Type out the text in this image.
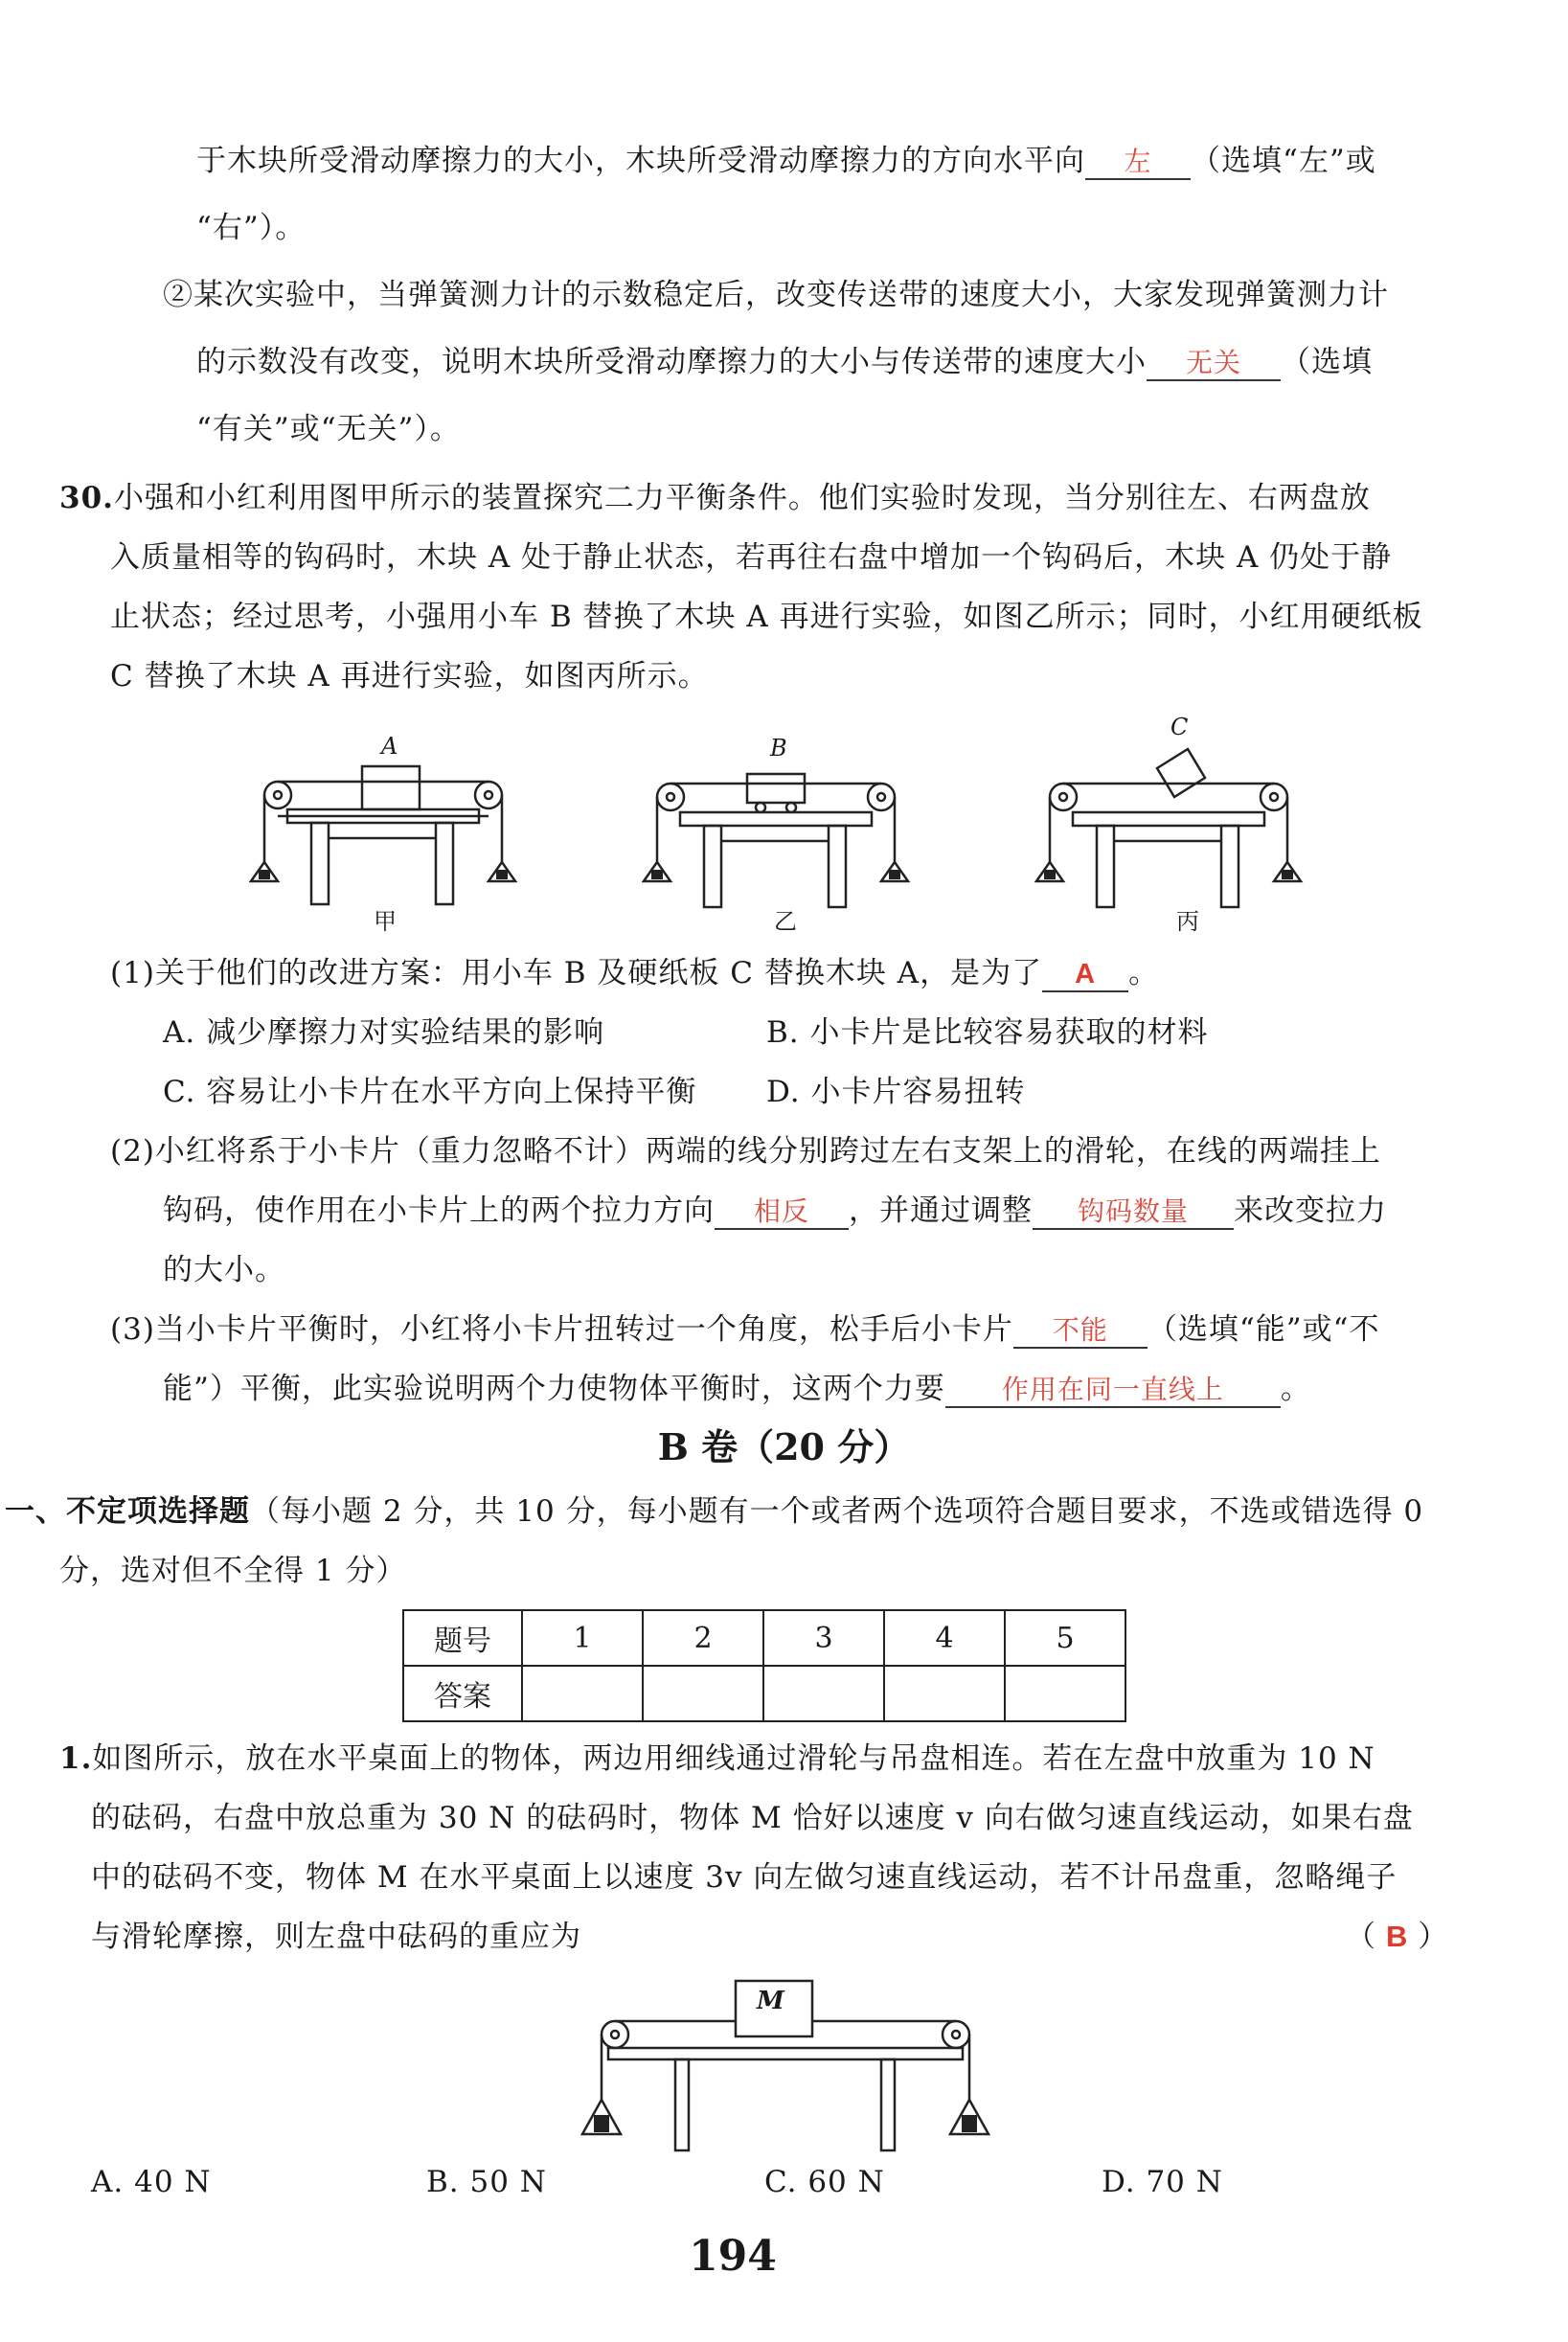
于木块所受滑动摩擦力的大小，木块所受滑动摩擦力的方向水平向 左 （选填“左”或
“右”）。
②某次实验中，当弹簧测力计的示数稳定后，改变传送带的速度大小，大家发现弹簧测力计
的示数没有改变，说明木块所受滑动摩擦力的大小与传送带的速度大小 无关 （选填
“有关”或“无关”）。
30.小强和小红利用图甲所示的装置探究二力平衡条件。他们实验时发现，当分别往左、右两盘放
入质量相等的钩码时，木块 A 处于静止状态，若再往右盘中增加一个钩码后，木块 A 仍处于静
止状态；经过思考，小强用小车 B 替换了木块 A 再进行实验，如图乙所示；同时，小红用硬纸板
C 替换了木块 A 再进行实验，如图丙所示。
A
甲
B
乙
C
丙
(1)关于他们的改进方案：用小车 B 及硬纸板 C 替换木块 A，是为了 A 。
A. 减少摩擦力对实验结果的影响	B. 小卡片是比较容易获取的材料
C. 容易让小卡片在水平方向上保持平衡 D. 小卡片容易扭转
(2)小红将系于小卡片（重力忽略不计）两端的线分别跨过左右支架上的滑轮，在线的两端挂上
钩码，使作用在小卡片上的两个拉力方向 相反 ，并通过调整 钩码数量 来改变拉力
的大小。
(3)当小卡片平衡时，小红将小卡片扭转过一个角度，松手后小卡片 不能 （选填“能”或“不
能”）平衡，此实验说明两个力使物体平衡时，这两个力要 作用在同一直线上 。
B 卷（20 分）
一、不定项选择题（每小题 2 分，共 10 分，每小题有一个或者两个选项符合题目要求，不选或错选得 0
分，选对但不全得 1 分）
题号	1	2	3	4	5
答案					
1.如图所示，放在水平桌面上的物体，两边用细线通过滑轮与吊盘相连。若在左盘中放重为 10 N
的砝码，右盘中放总重为 30 N 的砝码时，物体 M 恰好以速度 v 向右做匀速直线运动，如果右盘
中的砝码不变，物体 M 在水平桌面上以速度 3v 向左做匀速直线运动，若不计吊盘重，忽略绳子
与滑轮摩擦，则左盘中砝码的重应为	（ B ）
M
A. 40 N	B. 50 N	C. 60 N	D. 70 N
194
